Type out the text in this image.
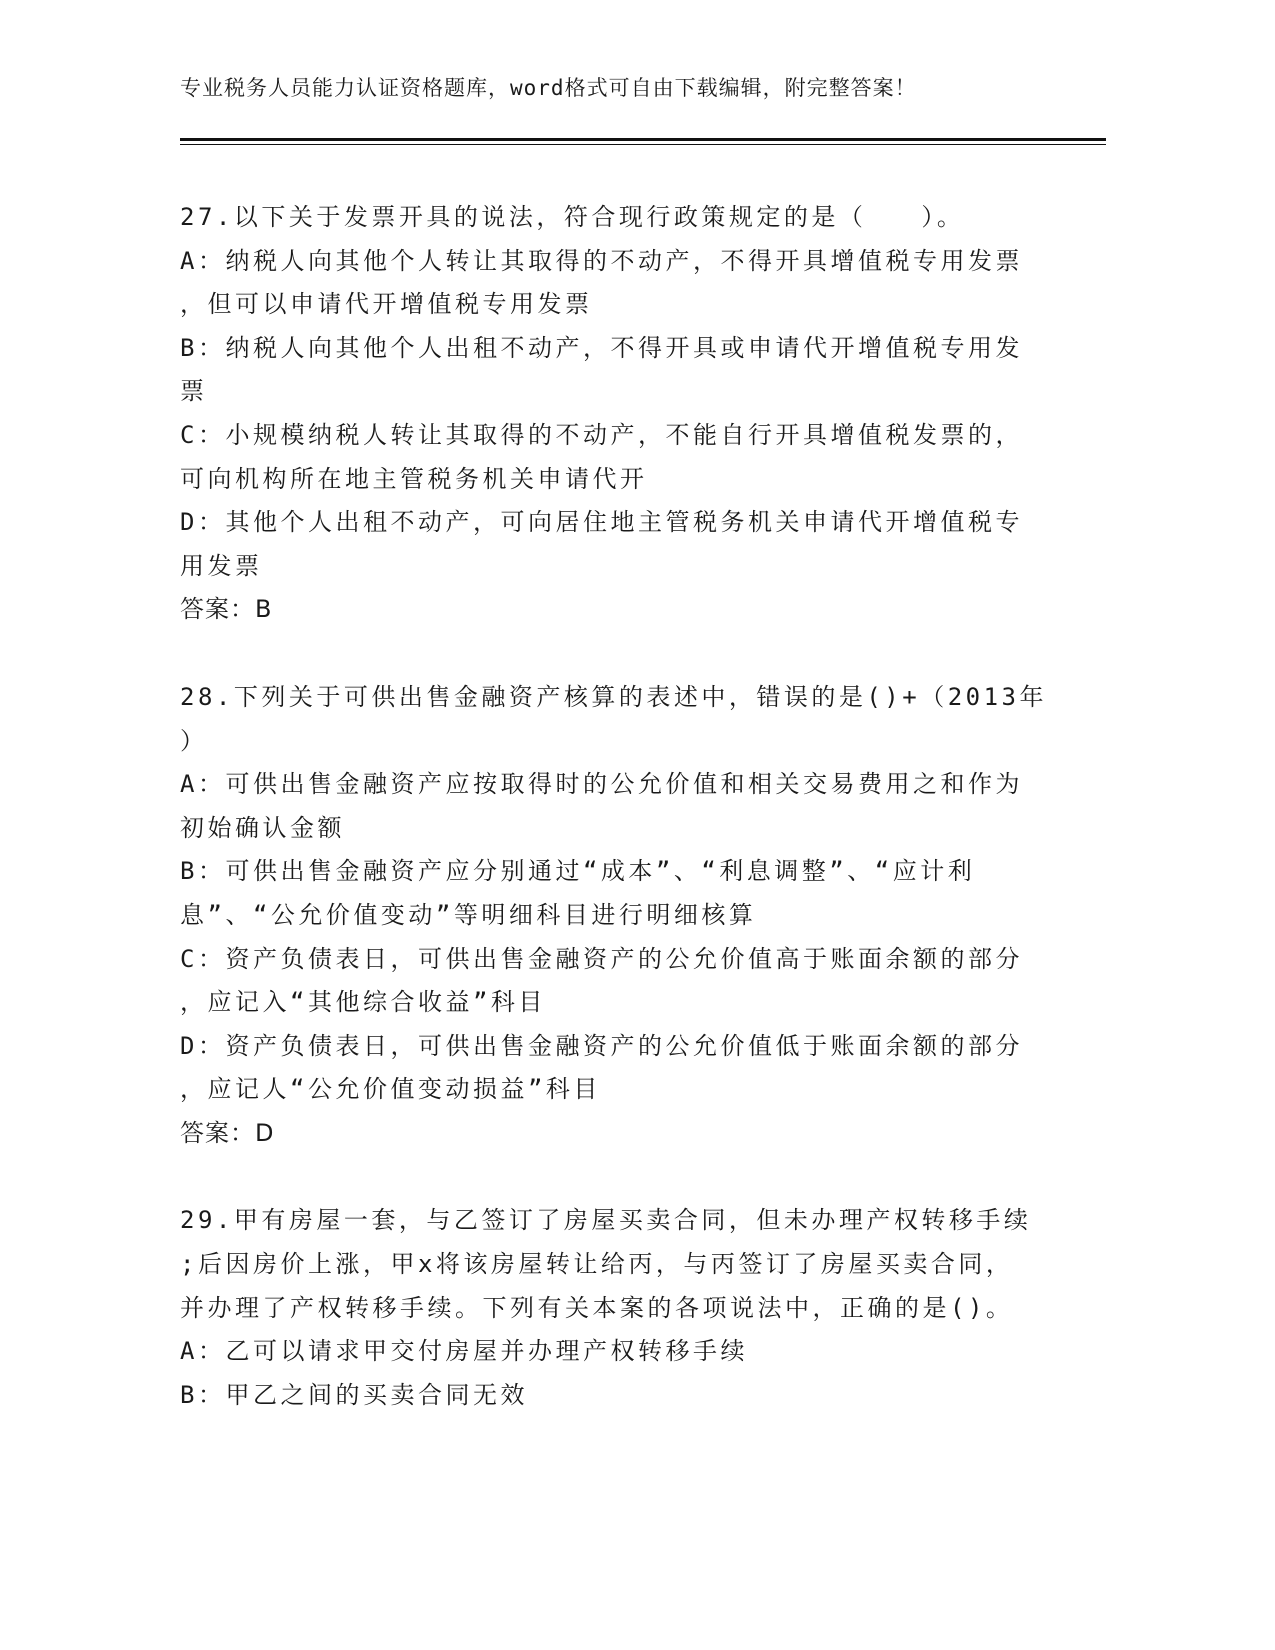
专业税务人员能力认证资格题库，word格式可自由下载编辑，附完整答案！
27.以下关于发票开具的说法，符合现行政策规定的是（　　）。
A：纳税人向其他个人转让其取得的不动产，不得开具增值税专用发票
，但可以申请代开增值税专用发票
B：纳税人向其他个人出租不动产，不得开具或申请代开增值税专用发
票
C：小规模纳税人转让其取得的不动产，不能自行开具增值税发票的，
可向机构所在地主管税务机关申请代开
D：其他个人出租不动产，可向居住地主管税务机关申请代开增值税专
用发票
答案：B
28.下列关于可供出售金融资产核算的表述中，错误的是()+（2013年
）
A：可供出售金融资产应按取得时的公允价值和相关交易费用之和作为
初始确认金额
B：可供出售金融资产应分别通过“成本”、“利息调整”、“应计利
息”、“公允价值变动”等明细科目进行明细核算
C：资产负债表日，可供出售金融资产的公允价值高于账面余额的部分
，应记入“其他综合收益”科目
D：资产负债表日，可供出售金融资产的公允价值低于账面余额的部分
，应记人“公允价值变动损益”科目
答案：D
29.甲有房屋一套，与乙签订了房屋买卖合同，但未办理产权转移手续
;后因房价上涨，甲x将该房屋转让给丙，与丙签订了房屋买卖合同，
并办理了产权转移手续。下列有关本案的各项说法中，正确的是()。
A：乙可以请求甲交付房屋并办理产权转移手续
B：甲乙之间的买卖合同无效
